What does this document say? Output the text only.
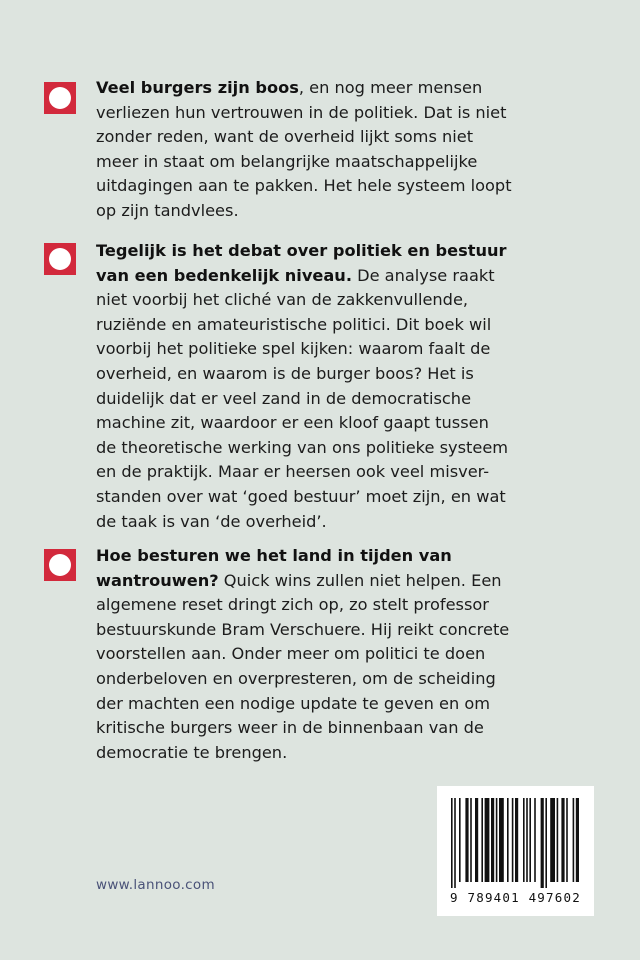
Veel burgers zijn boos, en nog meer mensen
verliezen hun vertrouwen in de politiek. Dat is niet
zonder reden, want de overheid lijkt soms niet
meer in staat om belangrijke maatschappelijke
uitdagingen aan te pakken. Het hele systeem loopt
op zijn tandvlees.

Tegelijk is het debat over politiek en bestuur
van een bedenkelijk niveau. De analyse raakt
niet voorbij het cliché van de zakkenvullende,
ruziënde en amateuristische politici. Dit boek wil
voorbij het politieke spel kijken: waarom faalt de
overheid, en waarom is de burger boos? Het is
duidelijk dat er veel zand in de democratische
machine zit, waardoor er een kloof gaapt tussen
de theoretische werking van ons politieke systeem
en de praktijk. Maar er heersen ook veel misver-
standen over wat ‘goed bestuur’ moet zijn, en wat
de taak is van ‘de overheid’.

Hoe besturen we het land in tijden van
wantrouwen? Quick wins zullen niet helpen. Een
algemene reset dringt zich op, zo stelt professor
bestuurskunde Bram Verschuere. Hij reikt concrete
voorstellen aan. Onder meer om politici te doen
onderbeloven en overpresteren, om de scheiding
der machten een nodige update te geven en om
kritische burgers weer in de binnenbaan van de
democratie te brengen.

www.lannoo.com
9 789401 497602
